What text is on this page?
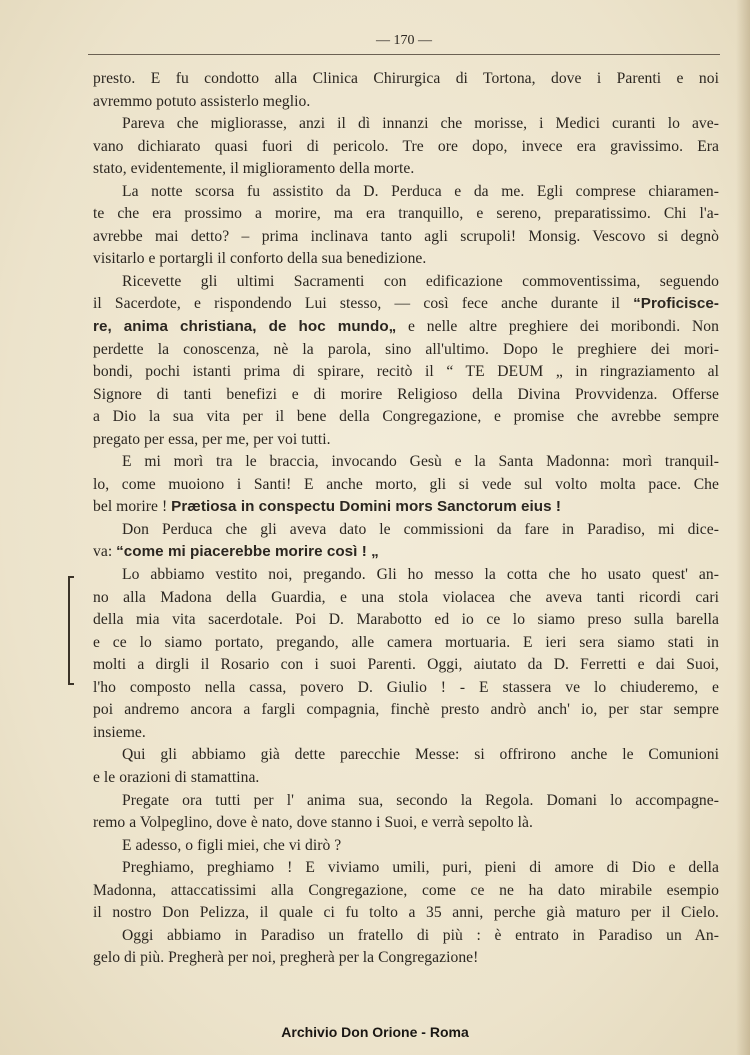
— 170 —
presto. E fu condotto alla Clinica Chirurgica di Tortona, dove i Parenti e noi
avremmo potuto assisterlo meglio.
Pareva che migliorasse, anzi il dì innanzi che morisse, i Medici curanti lo ave-
vano dichiarato quasi fuori di pericolo. Tre ore dopo, invece era gravissimo. Era
stato, evidentemente, il miglioramento della morte.
La notte scorsa fu assistito da D. Perduca e da me. Egli comprese chiaramen-
te che era prossimo a morire, ma era tranquillo, e sereno, preparatissimo. Chi l'a-
avrebbe mai detto? – prima inclinava tanto agli scrupoli! Monsig. Vescovo si degnò
visitarlo e portargli il conforto della sua benedizione.
Ricevette gli ultimi Sacramenti con edificazione commoventissima, seguendo
il Sacerdote, e rispondendo Lui stesso, — così fece anche durante il “Proficisce-
re, anima christiana, de hoc mundo„ e nelle altre preghiere dei moribondi. Non
perdette la conoscenza, nè la parola, sino all'ultimo. Dopo le preghiere dei mori-
bondi, pochi istanti prima di spirare, recitò il “ TE DEUM „ in ringraziamento al
Signore di tanti benefizi e di morire Religioso della Divina Provvidenza. Offerse
a Dio la sua vita per il bene della Congregazione, e promise che avrebbe sempre
pregato per essa, per me, per voi tutti.
E mi morì tra le braccia, invocando Gesù e la Santa Madonna: morì tranquil-
lo, come muoiono i Santi! E anche morto, gli si vede sul volto molta pace. Che
bel morire ! Prætiosa in conspectu Domini mors Sanctorum eius !
Don Perduca che gli aveva dato le commissioni da fare in Paradiso, mi dice-
va: “come mi piacerebbe morire così ! „
Lo abbiamo vestito noi, pregando. Gli ho messo la cotta che ho usato quest' an-
no alla Madona della Guardia, e una stola violacea che aveva tanti ricordi cari
della mia vita sacerdotale. Poi D. Marabotto ed io ce lo siamo preso sulla barella
e ce lo siamo portato, pregando, alle camera mortuaria. E ieri sera siamo stati in
molti a dirgli il Rosario con i suoi Parenti. Oggi, aiutato da D. Ferretti e dai Suoi,
l'ho composto nella cassa, povero D. Giulio ! - E stassera ve lo chiuderemo, e
poi andremo ancora a fargli compagnia, finchè presto andrò anch' io, per star sempre
insieme.
Qui gli abbiamo già dette parecchie Messe: si offrirono anche le Comunioni
e le orazioni di stamattina.
Pregate ora tutti per l' anima sua, secondo la Regola. Domani lo accompagne-
remo a Volpeglino, dove è nato, dove stanno i Suoi, e verrà sepolto là.
E adesso, o figli miei, che vi dirò ?
Preghiamo, preghiamo ! E viviamo umili, puri, pieni di amore di Dio e della
Madonna, attaccatissimi alla Congregazione, come ce ne ha dato mirabile esempio
il nostro Don Pelizza, il quale ci fu tolto a 35 anni, perche già maturo per il Cielo.
Oggi abbiamo in Paradiso un fratello di più : è entrato in Paradiso un An-
gelo di più. Pregherà per noi, pregherà per la Congregazione!
Archivio Don Orione - Roma
